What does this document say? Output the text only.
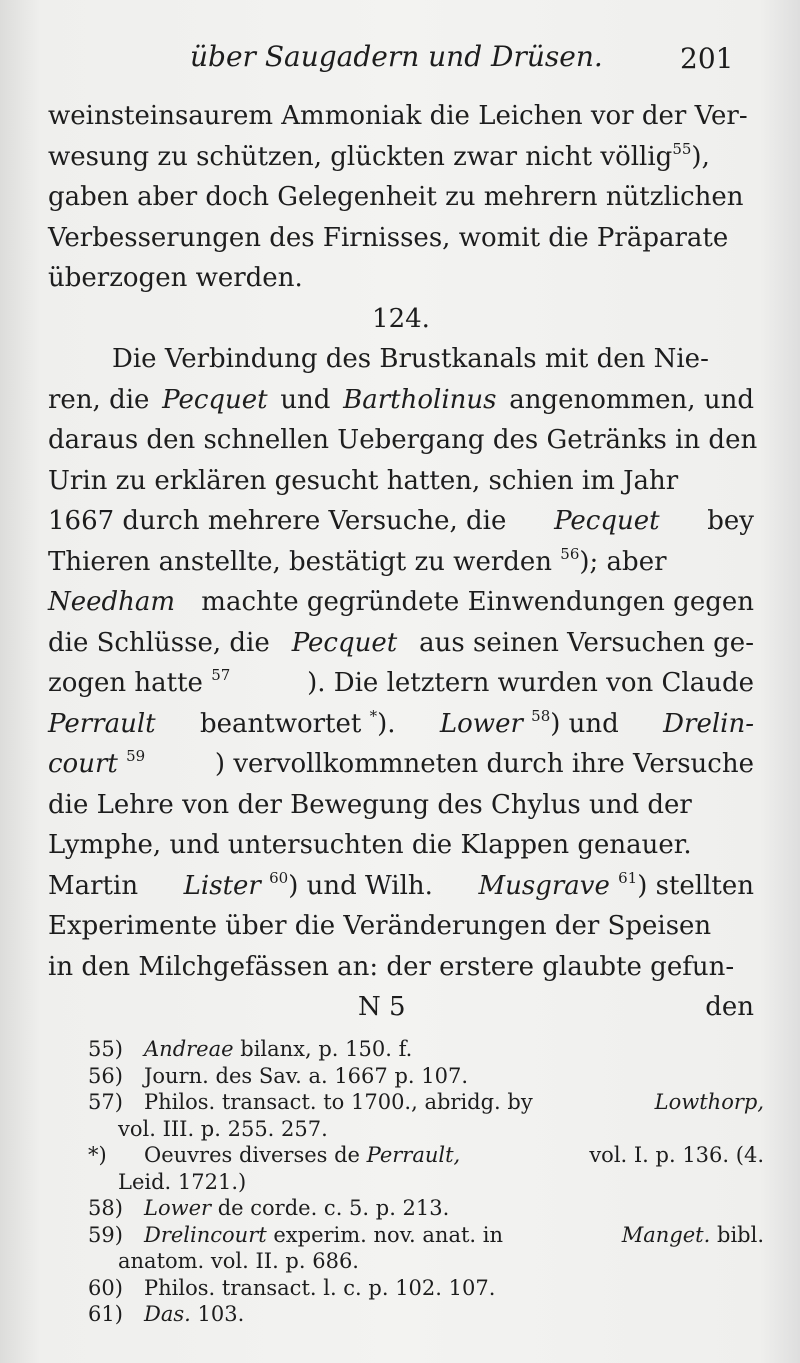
über Saugadern und Drüsen.	201
weinsteinsaurem Ammoniak die Leichen vor der Ver-
wesung zu schützen, glückten zwar nicht völlig$^{55}$),
gaben aber doch Gelegenheit zu mehrern nützlichen
Verbesserungen des Firnisses, womit die Präparate
überzogen werden.
124.
Die Verbindung des Brustkanals mit den Nie-
ren, die Pecquet und Bartholinus angenommen, und
daraus den schnellen Uebergang des Getränks in den
Urin zu erklären gesucht hatten, schien im Jahr
1667 durch mehrere Versuche, die Pecquet bey
Thieren anstellte, bestätigt zu werden $^{56}$); aber
Needham machte gegründete Einwendungen gegen
die Schlüsse, die Pecquet aus seinen Versuchen ge-
zogen hatte $^{57}$	). Die letztern wurden von Claude
Perrault beantwortet *). Lower $^{58}$) und Drelin-
court $^{59}$	) vervollkommneten durch ihre Versuche
die Lehre von der Bewegung des Chylus und der
Lymphe, und untersuchten die Klappen genauer.
Martin Lister $^{60}$) und Wilh. Musgrave $^{61}$) stellten
Experimente über die Veränderungen der Speisen
in den Milchgefässen an: der erstere glaubte gefun-
N 5	den
55)	Andreae
bilanx, p. 150. f.
56)	Journ. des Sav. a. 1667 p. 107.
57)	Philos. transact. to 1700., abridg. by	Lowthorp,
vol. III. p. 255. 257.
*)	Oeuvres diverses de
Perrault,	vol. I. p. 136. (4.
Leid. 1721.)
58)	Lower
de corde. c. 5. p. 213.
59)	Drelincourt
experim. nov. anat. in	Manget. bibl.
anatom. vol. II. p. 686.
60)	Philos. transact. l. c. p. 102. 107.
61)	Das.
103.
